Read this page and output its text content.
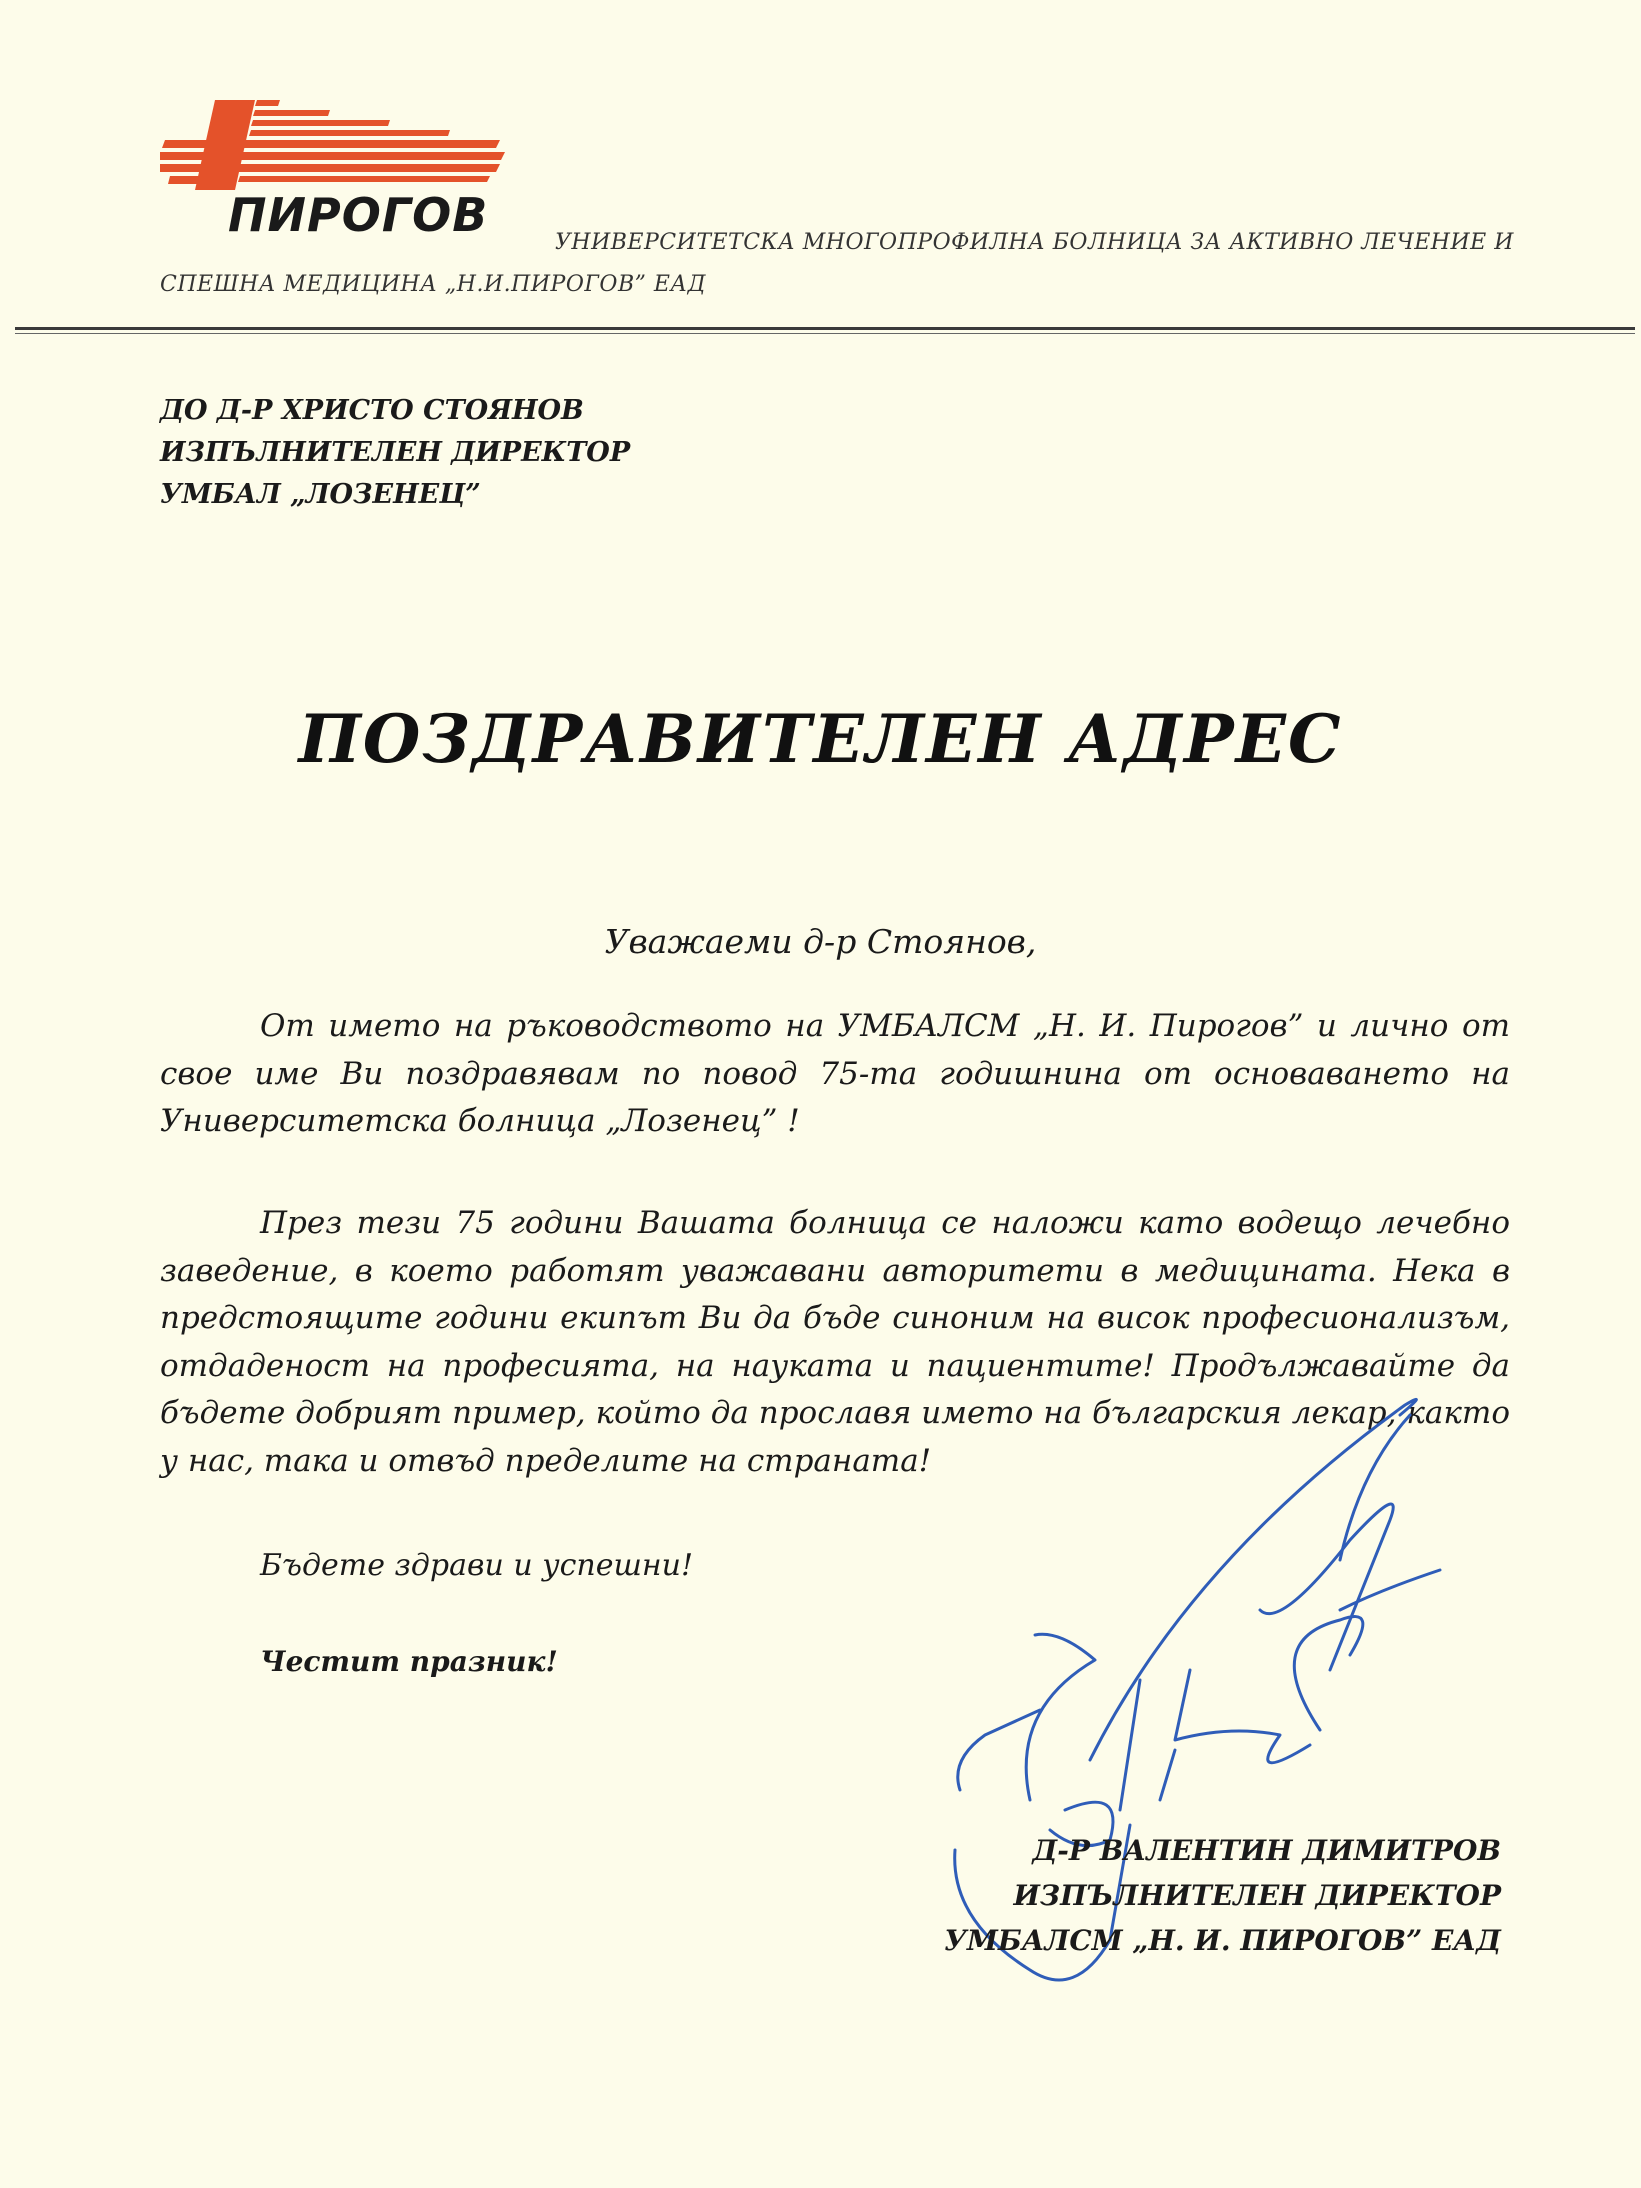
ПИРОГОВ
УНИВЕРСИТЕТСКА МНОГОПРОФИЛНА БОЛНИЦА ЗА АКТИВНО ЛЕЧЕНИЕ И СПЕШНА МЕДИЦИНА „Н.И.ПИРОГОВ” ЕАД
ДО Д-Р ХРИСТО СТОЯНОВ
ИЗПЪЛНИТЕЛЕН ДИРЕКТОР
УМБАЛ „ЛОЗЕНЕЦ”
ПОЗДРАВИТЕЛЕН АДРЕС
Уважаеми д-р Стоянов,

От името на ръководството на УМБАЛСМ „Н. И. Пирогов” и лично от свое име Ви поздравявам по повод 75-та годишнина от основаването на Университетска болница „Лозенец” !

През тези 75 години Вашата болница се наложи като водещо лечебно заведение, в което работят уважавани авторитети в медицината. Нека в предстоящите години екипът Ви да бъде синоним на висок професионализъм, отдаденост на професията, на науката и пациентите! Продължавайте да бъдете добрият пример, който да прославя името на българския лекар, както у нас, така и отвъд пределите на страната!

Бъдете здрави и успешни!
Честит празник!
Д-Р ВАЛЕНТИН ДИМИТРОВ
ИЗПЪЛНИТЕЛЕН ДИРЕКТОР
УМБАЛСМ „Н. И. ПИРОГОВ” ЕАД
